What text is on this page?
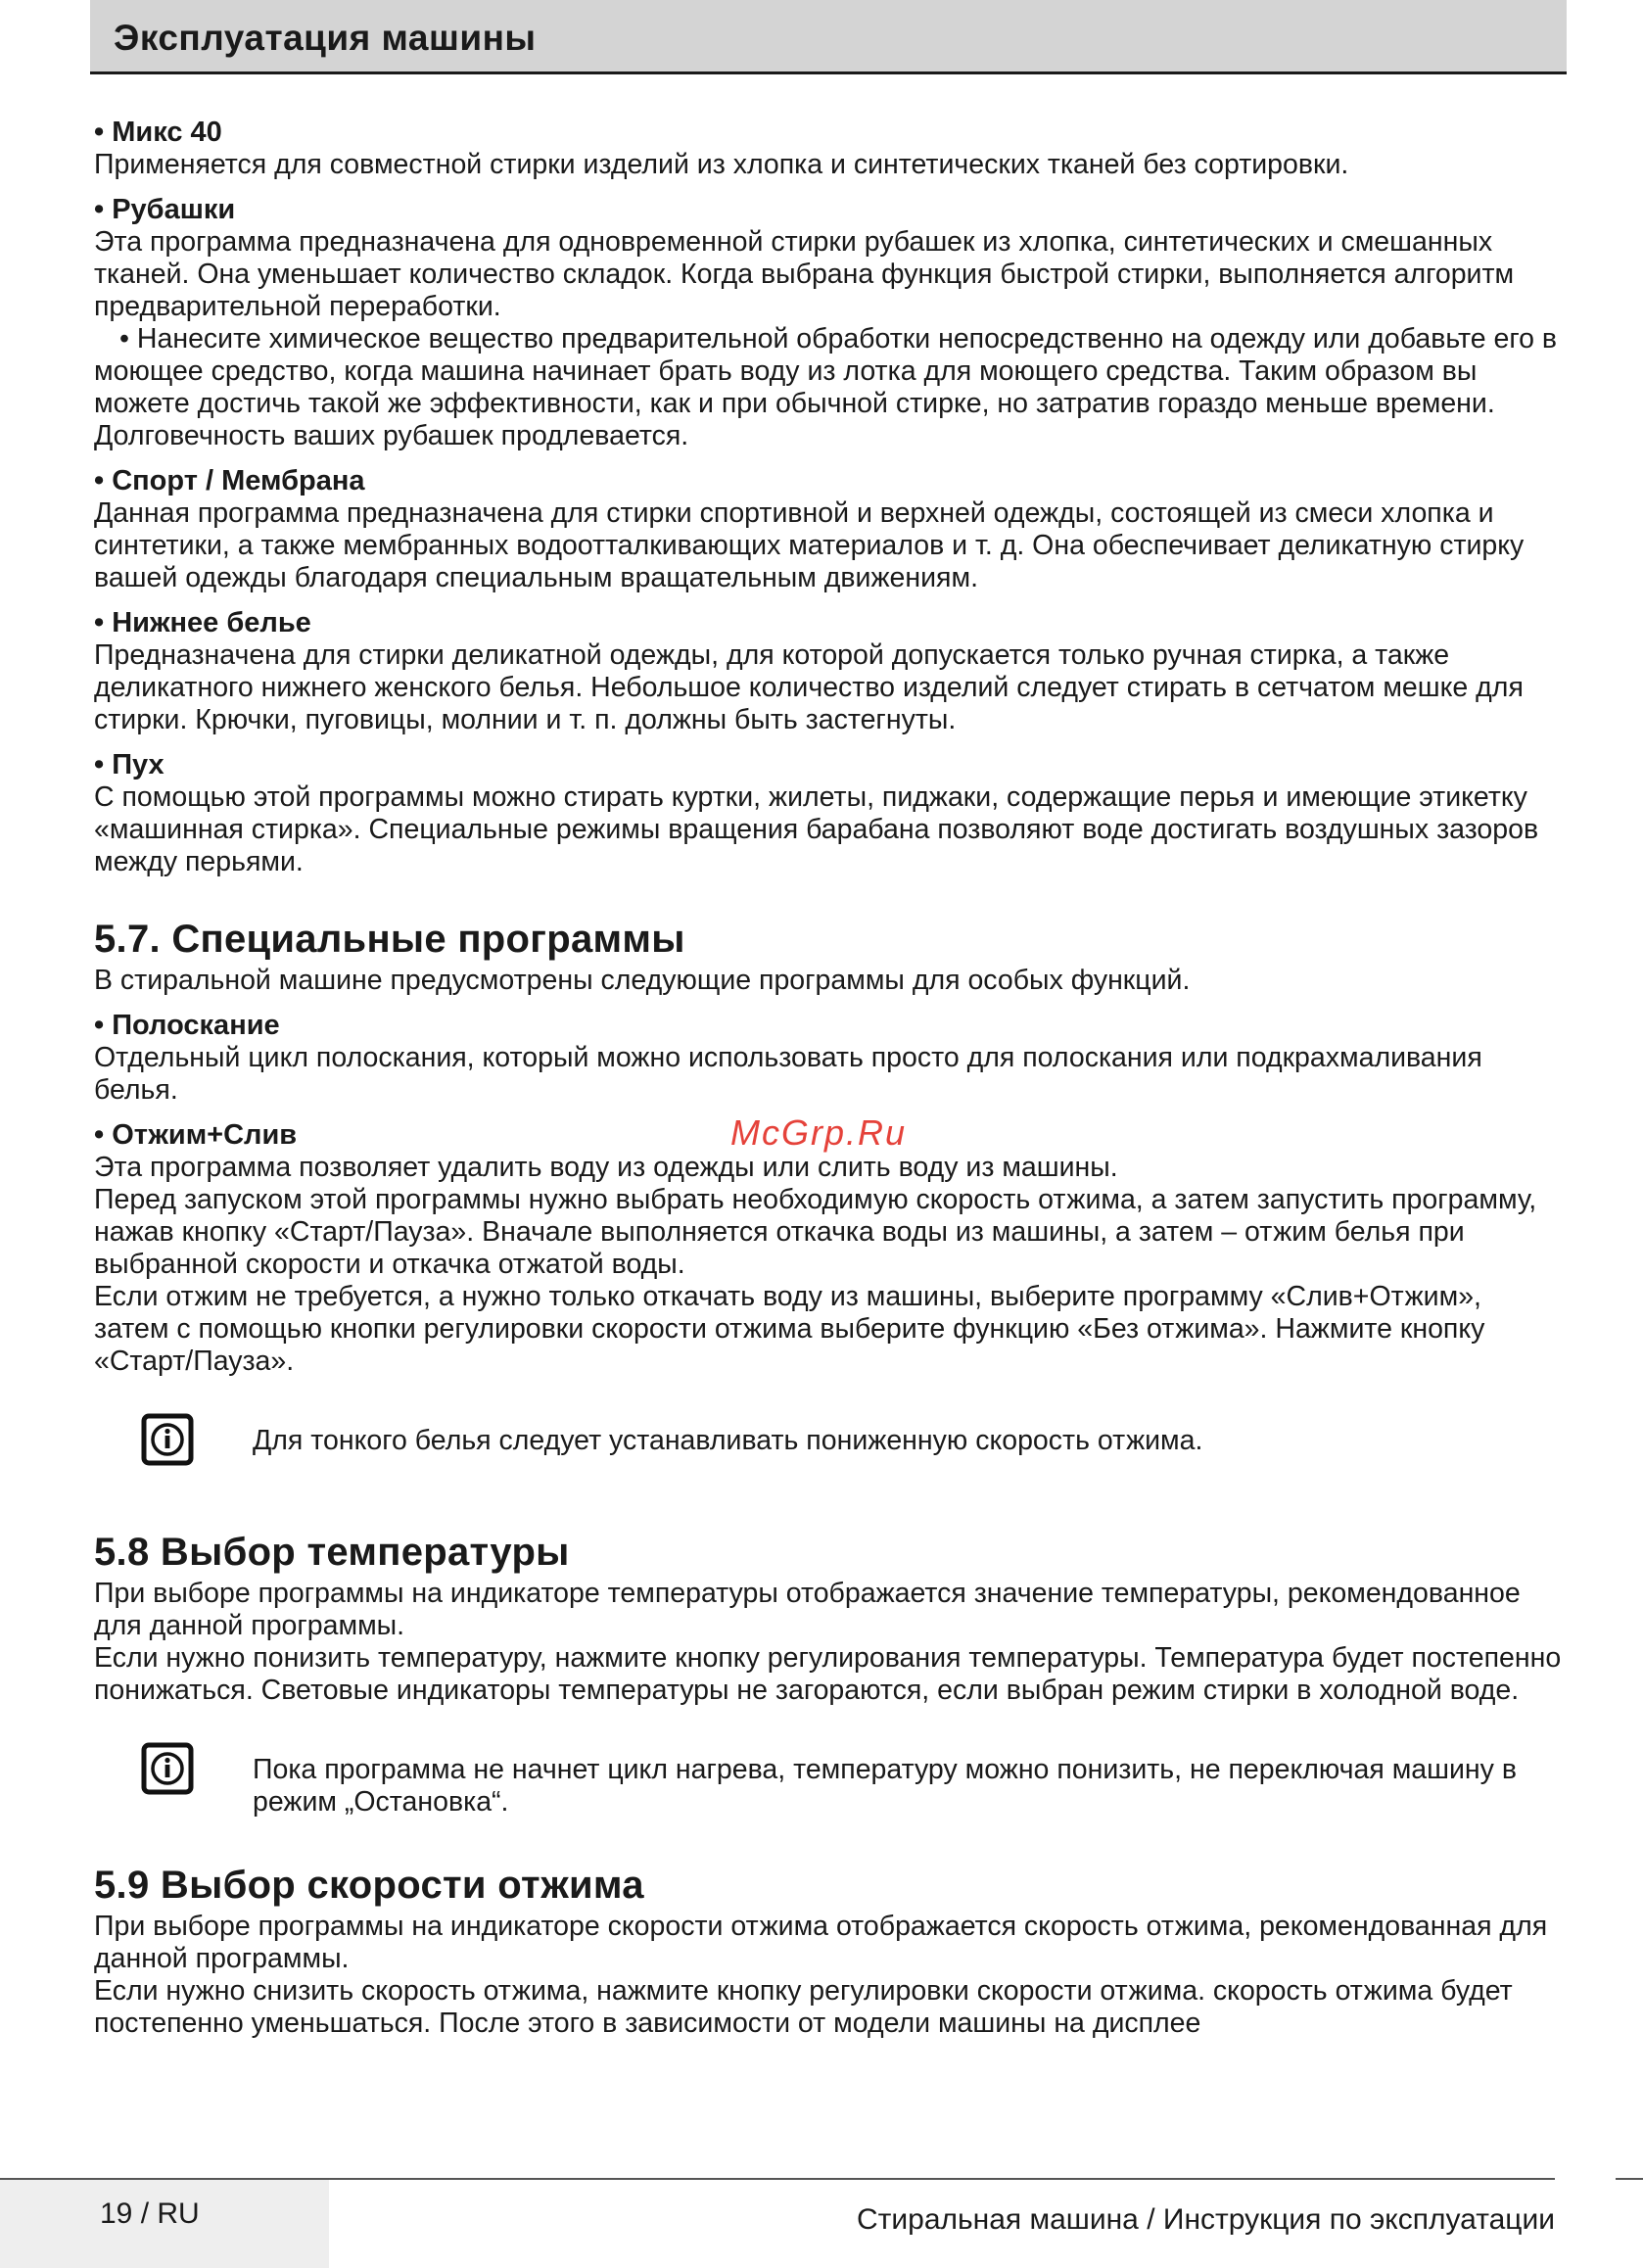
Эксплуатация машины
• Микс 40

Применяется для совместной стирки изделий из хлопка и синтетических тканей без сортировки.

• Рубашки

Эта программа предназначена для одновременной стирки рубашек из хлопка, синтетических и смешанных тканей. Она уменьшает количество складок. Когда выбрана функция быстрой стирки, выполняется алгоритм предварительной переработки.

• Нанесите химическое вещество предварительной обработки непосредственно на одежду или добавьте его в моющее средство, когда машина начинает брать воду из лотка для моющего средства. Таким образом вы можете достичь такой же эффективности, как и при обычной стирке, но затратив гораздо меньше времени. Долговечность ваших рубашек продлевается.

• Спорт / Мембрана

Данная программа предназначена для стирки спортивной и верхней одежды, состоящей из смеси хлопка и синтетики, а также мембранных водоотталкивающих материалов и т. д. Она обеспечивает деликатную стирку вашей одежды благодаря специальным вращательным движениям.

• Нижнее белье

Предназначена для стирки деликатной одежды, для которой допускается только ручная стирка, а также деликатного нижнего женского белья. Небольшое количество изделий следует стирать в сетчатом мешке для стирки. Крючки, пуговицы, молнии и т. п. должны быть застегнуты.

• Пух

С помощью этой программы можно стирать куртки, жилеты, пиджаки, содержащие перья и имеющие этикетку «машинная стирка». Специальные режимы вращения барабана позволяют воде достигать воздушных зазоров между перьями.

5.7. Специальные программы

В стиральной машине предусмотрены следующие программы для особых функций.

• Полоскание

Отдельный цикл полоскания, который можно использовать просто для полоскания или подкрахмаливания белья.

• Отжим+Слив

Эта программа позволяет удалить воду из одежды или слить воду из машины.

Перед запуском этой программы нужно выбрать необходимую скорость отжима, а затем запустить программу, нажав кнопку «Старт/Пауза». Вначале выполняется откачка воды из машины, а затем – отжим белья при выбранной скорости и откачка отжатой воды.

Если отжим не требуется, а нужно только откачать воду из машины, выберите программу «Слив+Отжим», затем с помощью кнопки регулировки скорости отжима выберите функцию «Без отжима». Нажмите кнопку «Старт/Пауза».

Для тонкого белья следует устанавливать пониженную скорость отжима.
5.8 Выбор температуры

При выборе программы на индикаторе температуры отображается значение температуры, рекомендованное для данной программы.

Если нужно понизить температуру, нажмите кнопку регулирования температуры. Температура будет постепенно понижаться. Световые индикаторы температуры не загораются, если выбран режим стирки в холодной воде.

Пока программа не начнет цикл нагрева, температуру можно понизить, не переключая машину в режим „Остановка“.
5.9 Выбор скорости отжима

При выборе программы на индикаторе скорости отжима отображается скорость отжима, рекомендованная для данной программы.

Если нужно снизить скорость отжима, нажмите кнопку регулировки скорости отжима. скорость отжима будет постепенно уменьшаться. После этого в зависимости от модели машины на дисплее

McGrp.Ru
19 / RU	Стиральная машина / Инструкция по эксплуатации
